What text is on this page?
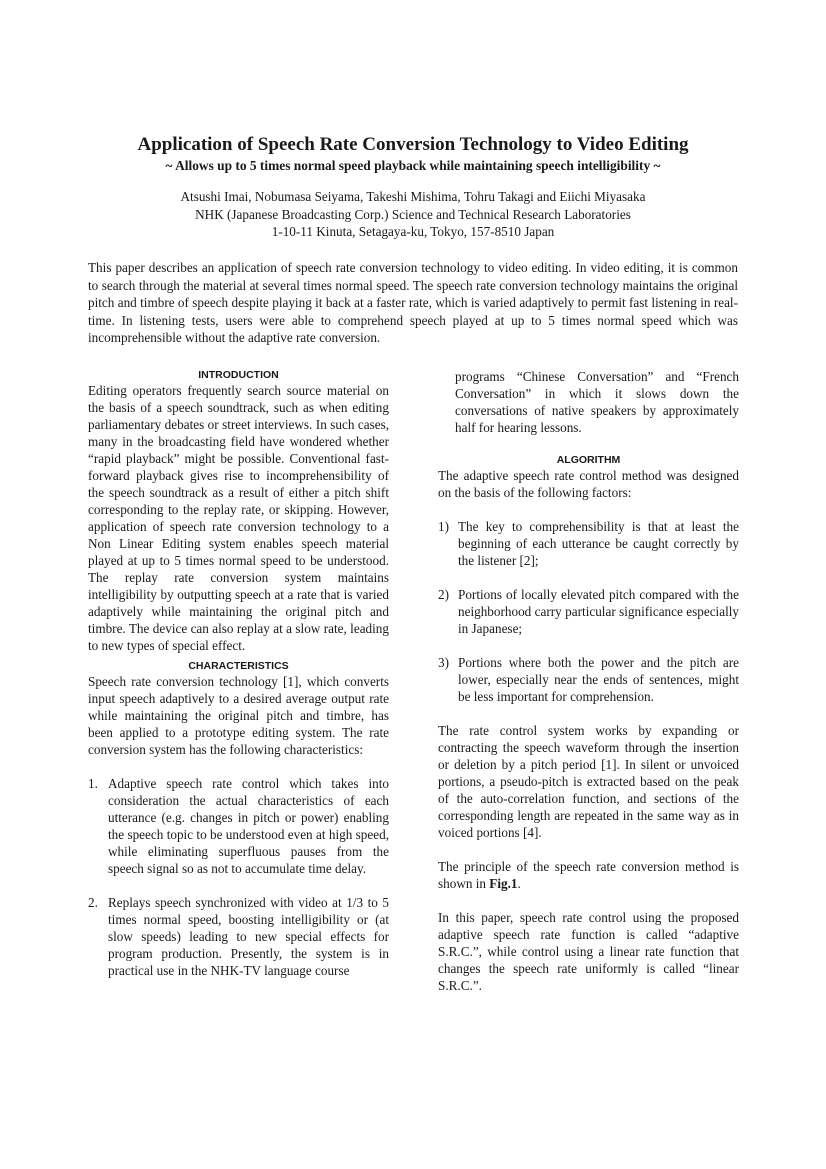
Application of Speech Rate Conversion Technology to Video Editing
~ Allows up to 5 times normal speed playback while maintaining speech intelligibility ~
Atsushi Imai, Nobumasa Seiyama, Takeshi Mishima, Tohru Takagi and Eiichi Miyasaka
NHK (Japanese Broadcasting Corp.) Science and Technical Research Laboratories
1-10-11 Kinuta, Setagaya-ku, Tokyo, 157-8510 Japan

This paper describes an application of speech rate conversion technology to video editing. In video editing, it is common to search through the material at several times normal speed. The speech rate conversion technology maintains the original pitch and timbre of speech despite playing it back at a faster rate, which is varied adaptively to permit fast listening in real-time. In listening tests, users were able to comprehend speech played at up to 5 times normal speed which was incomprehensible without the adaptive rate conversion.

INTRODUCTION

Editing operators frequently search source material on the basis of a speech soundtrack, such as when editing parliamentary debates or street interviews. In such cases, many in the broadcasting field have wondered whether “rapid playback” might be possible. Conventional fast-forward playback gives rise to incomprehensibility of the speech soundtrack as a result of either a pitch shift corresponding to the replay rate, or skipping. However, application of speech rate conversion technology to a Non Linear Editing system enables speech material played at up to 5 times normal speed to be understood. The replay rate conversion system maintains intelligibility by outputting speech at a rate that is varied adaptively while maintaining the original pitch and timbre. The device can also replay at a slow rate, leading to new types of special effect.

CHARACTERISTICS

Speech rate conversion technology [1], which converts input speech adaptively to a desired average output rate while maintaining the original pitch and timbre, has been applied to a prototype editing system. The rate conversion system has the following characteristics:

1. Adaptive speech rate control which takes into consideration the actual characteristics of each utterance (e.g. changes in pitch or power) enabling the speech topic to be understood even at high speed, while eliminating superfluous pauses from the speech signal so as not to accumulate time delay.
2. Replays speech synchronized with video at 1/3 to 5 times normal speed, boosting intelligibility or (at slow speeds) leading to new special effects for program production. Presently, the system is in practical use in the NHK-TV language course

programs “Chinese Conversation” and “French Conversation” in which it slows down the conversations of native speakers by approximately half for hearing lessons.

ALGORITHM

The adaptive speech rate control method was designed on the basis of the following factors:

1) The key to comprehensibility is that at least the beginning of each utterance be caught correctly by the listener [2];
2) Portions of locally elevated pitch compared with the neighborhood carry particular significance especially in Japanese;
3) Portions where both the power and the pitch are lower, especially near the ends of sentences, might be less important for comprehension.

The rate control system works by expanding or contracting the speech waveform through the insertion or deletion by a pitch period [1]. In silent or unvoiced portions, a pseudo-pitch is extracted based on the peak of the auto-correlation function, and sections of the corresponding length are repeated in the same way as in voiced portions [4].

The principle of the speech rate conversion method is shown in Fig.1.

In this paper, speech rate control using the proposed adaptive speech rate function is called “adaptive S.R.C.”, while control using a linear rate function that changes the speech rate uniformly is called “linear S.R.C.”.
